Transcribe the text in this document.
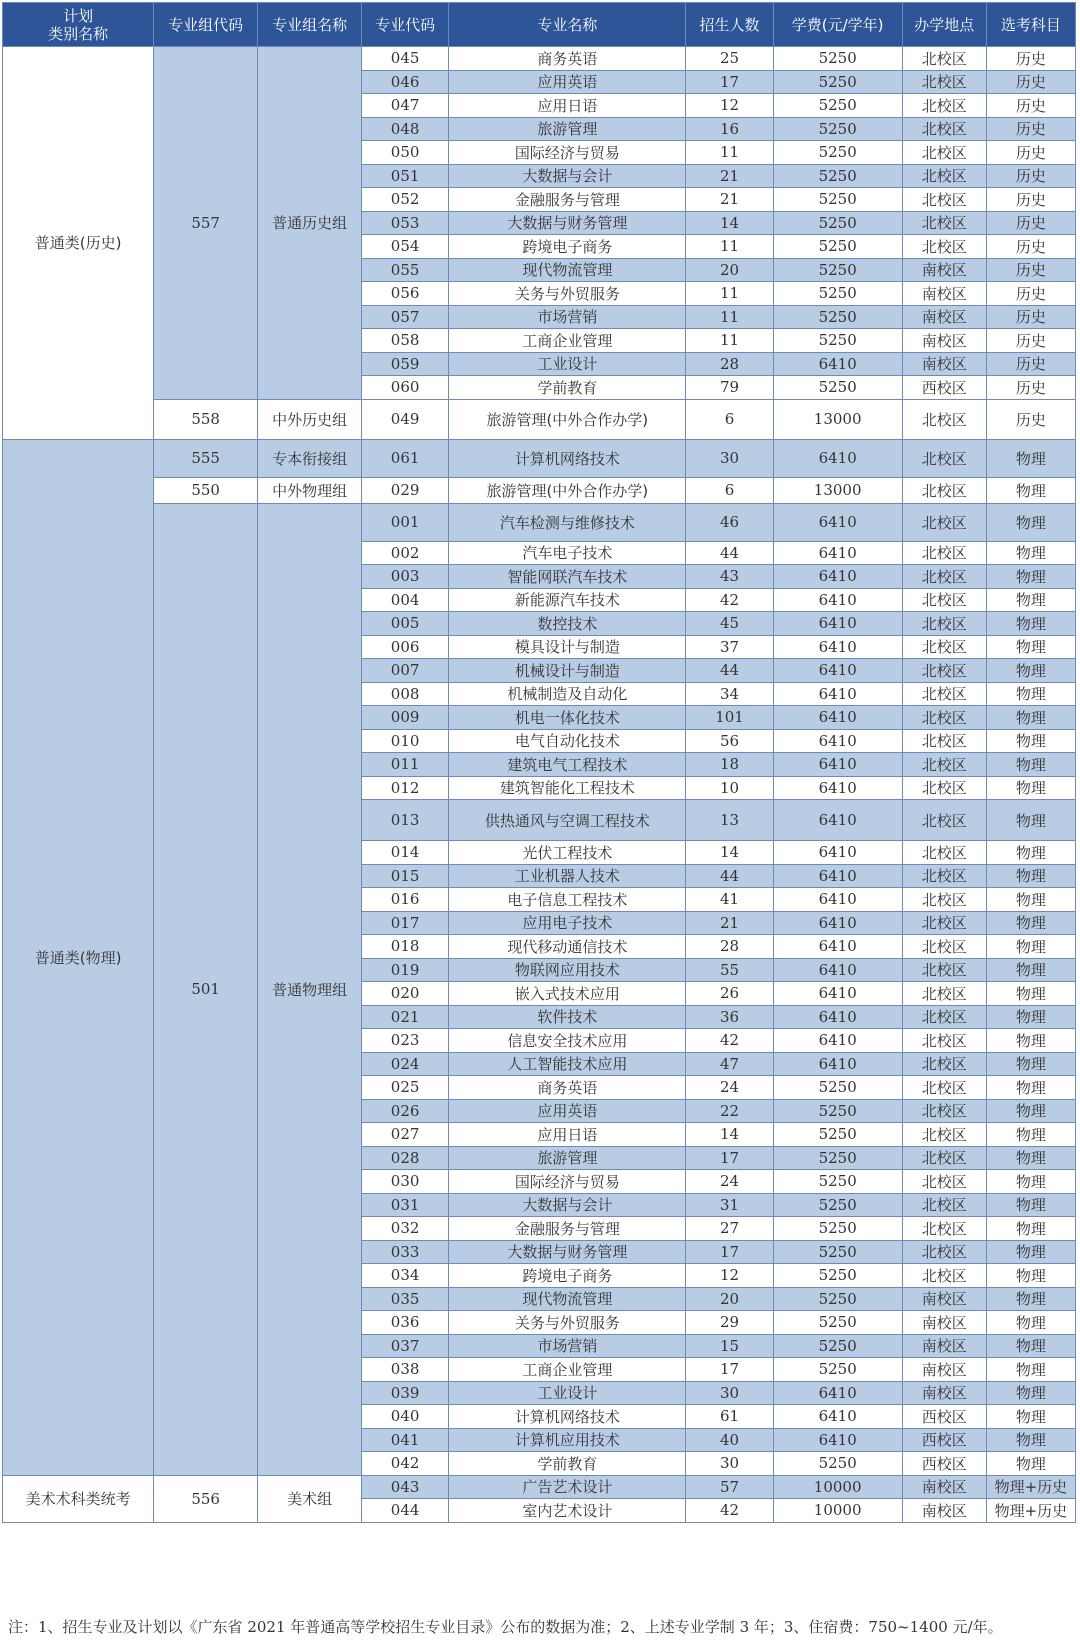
计划
类别名称	专业组代码	专业组名称	专业代码	专业名称	招生人数	学费(元/学年)	办学地点	选考科目
普通类(历史)	557	普通历史组	045	商务英语	25	5250	北校区	历史
			046	应用英语	17	5250	北校区	历史
			047	应用日语	12	5250	北校区	历史
			048	旅游管理	16	5250	北校区	历史
			050	国际经济与贸易	11	5250	北校区	历史
			051	大数据与会计	21	5250	北校区	历史
			052	金融服务与管理	21	5250	北校区	历史
			053	大数据与财务管理	14	5250	北校区	历史
			054	跨境电子商务	11	5250	北校区	历史
			055	现代物流管理	20	5250	南校区	历史
			056	关务与外贸服务	11	5250	南校区	历史
			057	市场营销	11	5250	南校区	历史
			058	工商企业管理	11	5250	南校区	历史
			059	工业设计	28	6410	南校区	历史
			060	学前教育	79	5250	西校区	历史
	558	中外历史组	049	旅游管理(中外合作办学)	6	13000	北校区	历史
普通类(物理)	555	专本衔接组	061	计算机网络技术	30	6410	北校区	物理
	550	中外物理组	029	旅游管理(中外合作办学)	6	13000	北校区	物理
	501	普通物理组	001	汽车检测与维修技术	46	6410	北校区	物理
			002	汽车电子技术	44	6410	北校区	物理
			003	智能网联汽车技术	43	6410	北校区	物理
			004	新能源汽车技术	42	6410	北校区	物理
			005	数控技术	45	6410	北校区	物理
			006	模具设计与制造	37	6410	北校区	物理
			007	机械设计与制造	44	6410	北校区	物理
			008	机械制造及自动化	34	6410	北校区	物理
			009	机电一体化技术	101	6410	北校区	物理
			010	电气自动化技术	56	6410	北校区	物理
			011	建筑电气工程技术	18	6410	北校区	物理
			012	建筑智能化工程技术	10	6410	北校区	物理
			013	供热通风与空调工程技术	13	6410	北校区	物理
			014	光伏工程技术	14	6410	北校区	物理
			015	工业机器人技术	44	6410	北校区	物理
			016	电子信息工程技术	41	6410	北校区	物理
			017	应用电子技术	21	6410	北校区	物理
			018	现代移动通信技术	28	6410	北校区	物理
			019	物联网应用技术	55	6410	北校区	物理
			020	嵌入式技术应用	26	6410	北校区	物理
			021	软件技术	36	6410	北校区	物理
			023	信息安全技术应用	42	6410	北校区	物理
			024	人工智能技术应用	47	6410	北校区	物理
			025	商务英语	24	5250	北校区	物理
			026	应用英语	22	5250	北校区	物理
			027	应用日语	14	5250	北校区	物理
			028	旅游管理	17	5250	北校区	物理
			030	国际经济与贸易	24	5250	北校区	物理
			031	大数据与会计	31	5250	北校区	物理
			032	金融服务与管理	27	5250	北校区	物理
			033	大数据与财务管理	17	5250	北校区	物理
			034	跨境电子商务	12	5250	北校区	物理
			035	现代物流管理	20	5250	南校区	物理
			036	关务与外贸服务	29	5250	南校区	物理
			037	市场营销	15	5250	南校区	物理
			038	工商企业管理	17	5250	南校区	物理
			039	工业设计	30	6410	南校区	物理
			040	计算机网络技术	61	6410	西校区	物理
			041	计算机应用技术	40	6410	西校区	物理
			042	学前教育	30	5250	西校区	物理
美术术科类统考	556	美术组	043	广告艺术设计	57	10000	南校区	物理+历史
			044	室内艺术设计	42	10000	南校区	物理+历史
注：1、招生专业及计划以《广东省 2021 年普通高等学校招生专业目录》公布的数据为准；2、上述专业学制 3 年；3、住宿费：750~1400 元/年。
